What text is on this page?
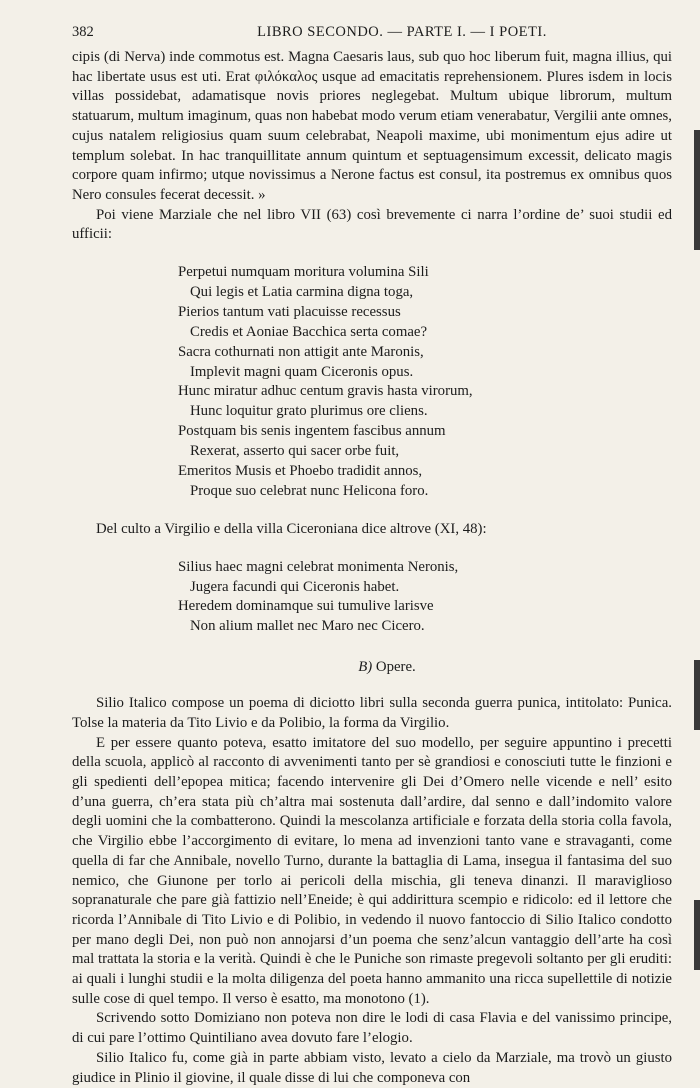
382	LIBRO SECONDO. — PARTE I. — I POETI.

cipis (di Nerva) inde commotus est. Magna Caesaris laus, sub quo hoc liberum fuit, magna illius, qui hac libertate usus est uti. Erat φιλόκαλος usque ad emacitatis reprehensionem. Plures isdem in locis villas possidebat, adamatisque novis priores neglegebat. Multum ubique librorum, multum statuarum, multum imaginum, quas non habebat modo verum etiam venerabatur, Vergilii ante omnes, cujus natalem religiosius quam suum celebrabat, Neapoli maxime, ubi monimentum ejus adire ut templum solebat. In hac tranquillitate annum quintum et septuagensimum excessit, delicato magis corpore quam infirmo; utque novissimus a Nerone factus est consul, ita postremus ex omnibus quos Nero consules fecerat decessit. »

Poi viene Marziale che nel libro VII (63) così brevemente ci narra l’ordine de’ suoi studii ed ufficii:

Perpetui numquam moritura volumina Sili
Qui legis et Latia carmina digna toga,
Pierios tantum vati placuisse recessus
Credis et Aoniae Bacchica serta comae?
Sacra cothurnati non attigit ante Maronis,
Implevit magni quam Ciceronis opus.
Hunc miratur adhuc centum gravis hasta virorum,
Hunc loquitur grato plurimus ore cliens.
Postquam bis senis ingentem fascibus annum
Rexerat, asserto qui sacer orbe fuit,
Emeritos Musis et Phoebo tradidit annos,
Proque suo celebrat nunc Helicona foro.

Del culto a Virgilio e della villa Ciceroniana dice altrove (XI, 48):

Silius haec magni celebrat monimenta Neronis,
Jugera facundi qui Ciceronis habet.
Heredem dominamque sui tumulive larisve
Non alium mallet nec Maro nec Cicero.
B) Opere.

Silio Italico compose un poema di diciotto libri sulla seconda guerra punica, intitolato: Punica. Tolse la materia da Tito Livio e da Polibio, la forma da Virgilio.

E per essere quanto poteva, esatto imitatore del suo modello, per seguire appuntino i precetti della scuola, applicò al racconto di avvenimenti tanto per sè grandiosi e conosciuti tutte le finzioni e gli spedienti dell’epopea mitica; facendo intervenire gli Dei d’Omero nelle vicende e nell’ esito d’una guerra, ch’era stata più ch’altra mai sostenuta dall’ardire, dal senno e dall’indomito valore degli uomini che la combatterono. Quindi la mescolanza artificiale e forzata della storia colla favola, che Virgilio ebbe l’accorgimento di evitare, lo mena ad invenzioni tanto vane e stravaganti, come quella di far che Annibale, novello Turno, durante la battaglia di Lama, insegua il fantasima del suo nemico, che Giunone per torlo ai pericoli della mischia, gli teneva dinanzi. Il maraviglioso sopranaturale che pare già fattizio nell’Eneide; è qui addirittura scempio e ridicolo: ed il lettore che ricorda l’Annibale di Tito Livio e di Polibio, in vedendo il nuovo fantoccio di Silio Italico condotto per mano degli Dei, non può non annojarsi d’un poema che senz’alcun vantaggio dell’arte ha così mal trattata la storia e la verità. Quindi è che le Puniche son rimaste pregevoli soltanto per gli eruditi: ai quali i lunghi studii e la molta diligenza del poeta hanno ammanito una ricca supellettile di notizie sulle cose di quel tempo. Il verso è esatto, ma monotono (1).

Scrivendo sotto Domiziano non poteva non dire le lodi di casa Flavia e del vanissimo principe, di cui pare l’ottimo Quintiliano avea dovuto fare l’elogio.

Silio Italico fu, come già in parte abbiam visto, levato a cielo da Marziale, ma trovò un giusto giudice in Plinio il giovine, il quale disse di lui che componeva con
